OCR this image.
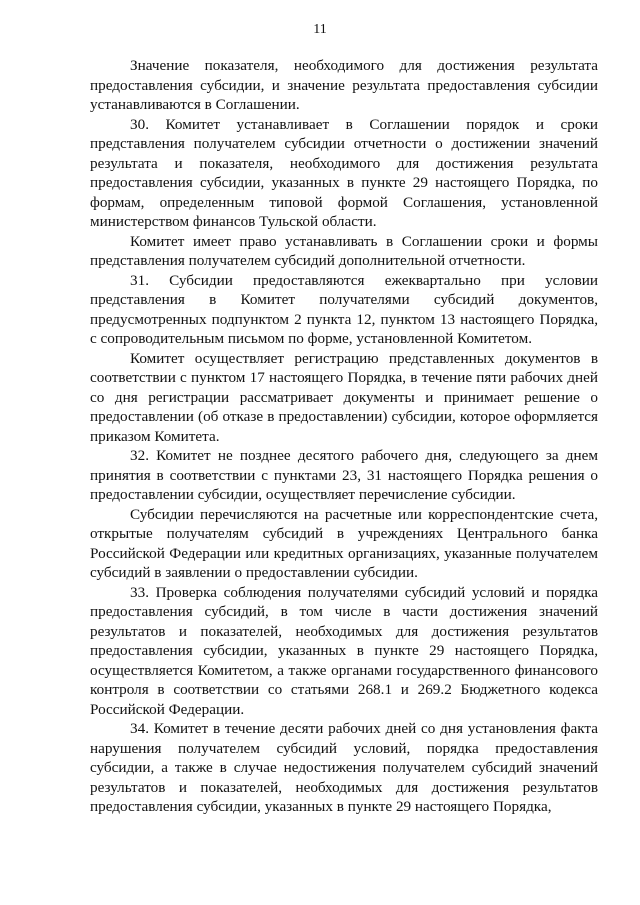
11

Значение показателя, необходимого для достижения результата предоставления субсидии, и значение результата предоставления субсидии устанавливаются в Соглашении.

30. Комитет устанавливает в Соглашении порядок и сроки представления получателем субсидии отчетности о достижении значений результата и показателя, необходимого для достижения результата предоставления субсидии, указанных в пункте 29 настоящего Порядка, по формам, определенным типовой формой Соглашения, установленной министерством финансов Тульской области.

Комитет имеет право устанавливать в Соглашении сроки и формы представления получателем субсидий дополнительной отчетности.

31. Субсидии предоставляются ежеквартально при условии представления в Комитет получателями субсидий документов, предусмотренных подпунктом 2 пункта 12, пунктом 13 настоящего Порядка, с сопроводительным письмом по форме, установленной Комитетом.

Комитет осуществляет регистрацию представленных документов в соответствии с пунктом 17 настоящего Порядка, в течение пяти рабочих дней со дня регистрации рассматривает документы и принимает решение о предоставлении (об отказе в предоставлении) субсидии, которое оформляется приказом Комитета.

32. Комитет не позднее десятого рабочего дня, следующего за днем принятия в соответствии с пунктами 23, 31 настоящего Порядка решения о предоставлении субсидии, осуществляет перечисление субсидии.

Субсидии перечисляются на расчетные или корреспондентские счета, открытые получателям субсидий в учреждениях Центрального банка Российской Федерации или кредитных организациях, указанные получателем субсидий в заявлении о предоставлении субсидии.

33. Проверка соблюдения получателями субсидий условий и порядка предоставления субсидий, в том числе в части достижения значений результатов и показателей, необходимых для достижения результатов предоставления субсидии, указанных в пункте 29 настоящего Порядка, осуществляется Комитетом, а также органами государственного финансового контроля в соответствии со статьями 268.1 и 269.2 Бюджетного кодекса Российской Федерации.

34. Комитет в течение десяти рабочих дней со дня установления факта нарушения получателем субсидий условий, порядка предоставления субсидии, а также в случае недостижения получателем субсидий значений результатов и показателей, необходимых для достижения результатов предоставления субсидии, указанных в пункте 29 настоящего Порядка,
